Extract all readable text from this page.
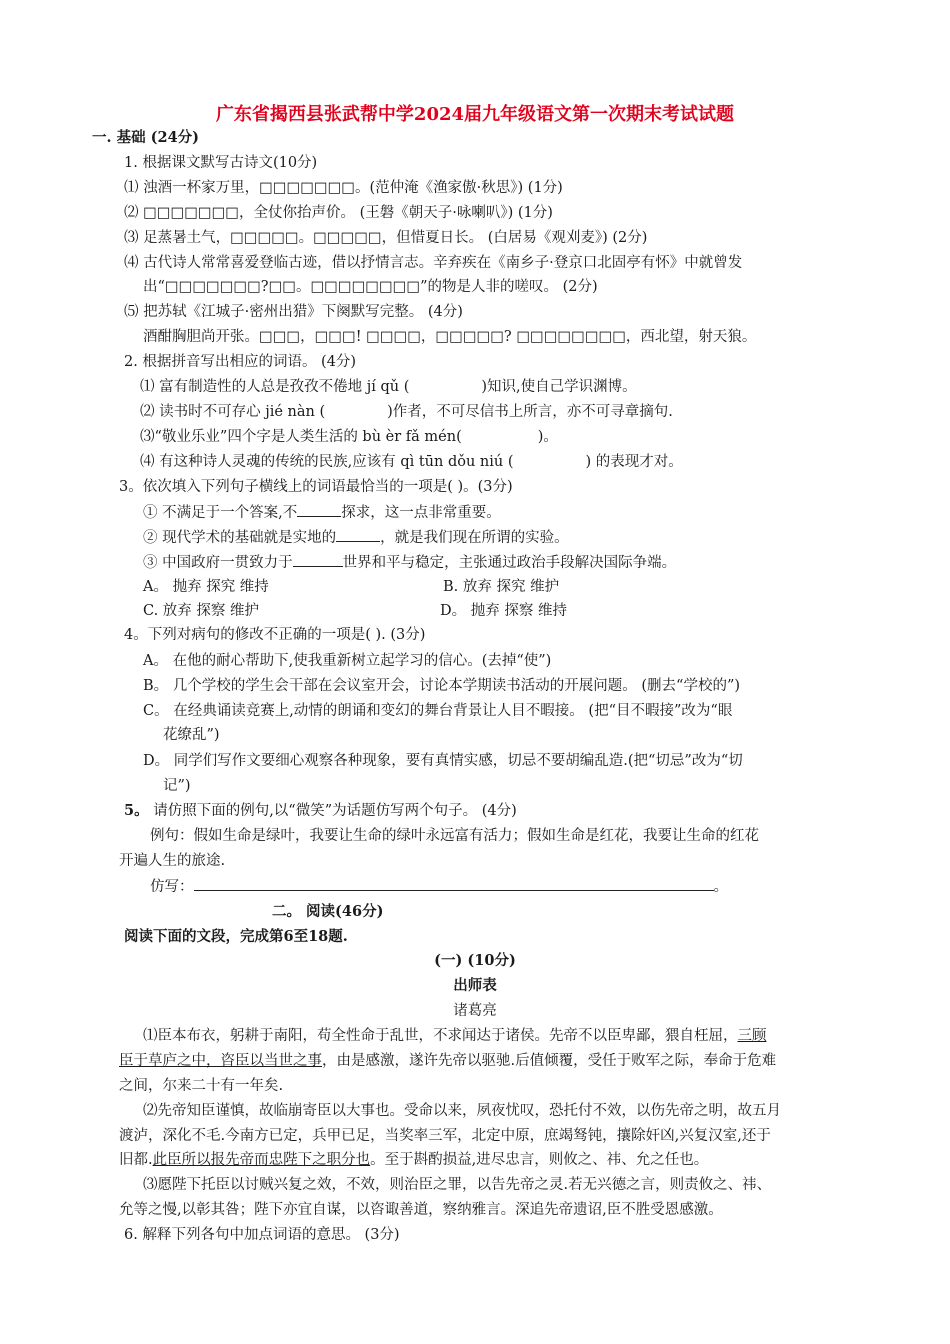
广东省揭西县张武帮中学2024届九年级语文第一次期末考试试题
一. 基础 (24分)
1. 根据课文默写古诗文(10分)
⑴ 浊酒一杯家万里，□□□□□□□。(范仲淹《渔家傲·秋思》) (1分)
⑵ □□□□□□□，全仗你抬声价。 (王磐《朝天子·咏喇叭》) (1分)
⑶ 足蒸暑土气，□□□□□。□□□□□，但惜夏日长。 (白居易《观刈麦》) (2分)
⑷ 古代诗人常常喜爱登临古迹，借以抒情言志。辛弃疾在《南乡子·登京口北固亭有怀》中就曾发
出“□□□□□□□?□□。□□□□□□□□”的物是人非的嗟叹。 (2分)
⑸ 把苏轼《江城子·密州出猎》下阕默写完整。 (4分)
酒酣胸胆尚开张。□□□，□□□! □□□□，□□□□□? □□□□□□□□，西北望，射天狼。
2. 根据拼音写出相应的词语。 (4分)
⑴ 富有制造性的人总是孜孜不倦地 jí qǔ (	)知识,使自己学识渊博。
⑵ 读书时不可存心 jié nàn (	)作者，不可尽信书上所言，亦不可寻章摘句.
⑶“敬业乐业”四个字是人类生活的 bù èr fǎ mén(	)。
⑷ 有这种诗人灵魂的传统的民族,应该有 qì tūn dǒu niú (	) 的表现才对。
3。依次填入下列句子横线上的词语最恰当的一项是( )。(3分)
① 不满足于一个答案,不	探求，这一点非常重要。
② 现代学术的基础就是实地的	，就是我们现在所谓的实验。
③ 中国政府一贯致力于	世界和平与稳定，主张通过政治手段解决国际争端。
A。 抛弃 探究 维持	B. 放弃 探究 维护
C. 放弃 探察 维护	D。 抛弃 探察 维持
4。下列对病句的修改不正确的一项是( ). (3分)
A。 在他的耐心帮助下,使我重新树立起学习的信心。(去掉“使”)
B。 几个学校的学生会干部在会议室开会，讨论本学期读书活动的开展问题。 (删去“学校的”)
C。 在经典诵读竞赛上,动情的朗诵和变幻的舞台背景让人目不暇接。 (把“目不暇接”改为“眼
花缭乱”)
D。 同学们写作文要细心观察各种现象，要有真情实感，切忌不要胡编乱造.(把“切忌”改为“切
记”)
5。 请仿照下面的例句,以“微笑”为话题仿写两个句子。 (4分)
例句：假如生命是绿叶，我要让生命的绿叶永远富有活力；假如生命是红花，我要让生命的红花
开遍人生的旅途.
仿写：	。
二。 阅读(46分)
阅读下面的文段，完成第6至18题.
(一) (10分)
出师表
诸葛亮
⑴臣本布衣，躬耕于南阳，苟全性命于乱世，不求闻达于诸侯。先帝不以臣卑鄙，猥自枉屈，三顾
臣于草庐之中，咨臣以当世之事，由是感激，遂许先帝以驱驰.后值倾覆，受任于败军之际，奉命于危难
之间，尔来二十有一年矣.
⑵先帝知臣谨慎，故临崩寄臣以大事也。受命以来，夙夜忧叹，恐托付不效，以伤先帝之明，故五月
渡泸，深化不毛.今南方已定，兵甲已足，当奖率三军，北定中原，庶竭驽钝，攘除奸凶,兴复汉室,还于
旧都.此臣所以报先帝而忠陛下之职分也。至于斟酌损益,进尽忠言，则攸之、祎、允之任也。
⑶愿陛下托臣以讨贼兴复之效，不效，则治臣之罪，以告先帝之灵.若无兴德之言，则责攸之、祎、
允等之慢,以彰其咎；陛下亦宜自谋，以咨诹善道，察纳雅言。深追先帝遗诏,臣不胜受恩感激。
6. 解释下列各句中加点词语的意思。 (3分)
